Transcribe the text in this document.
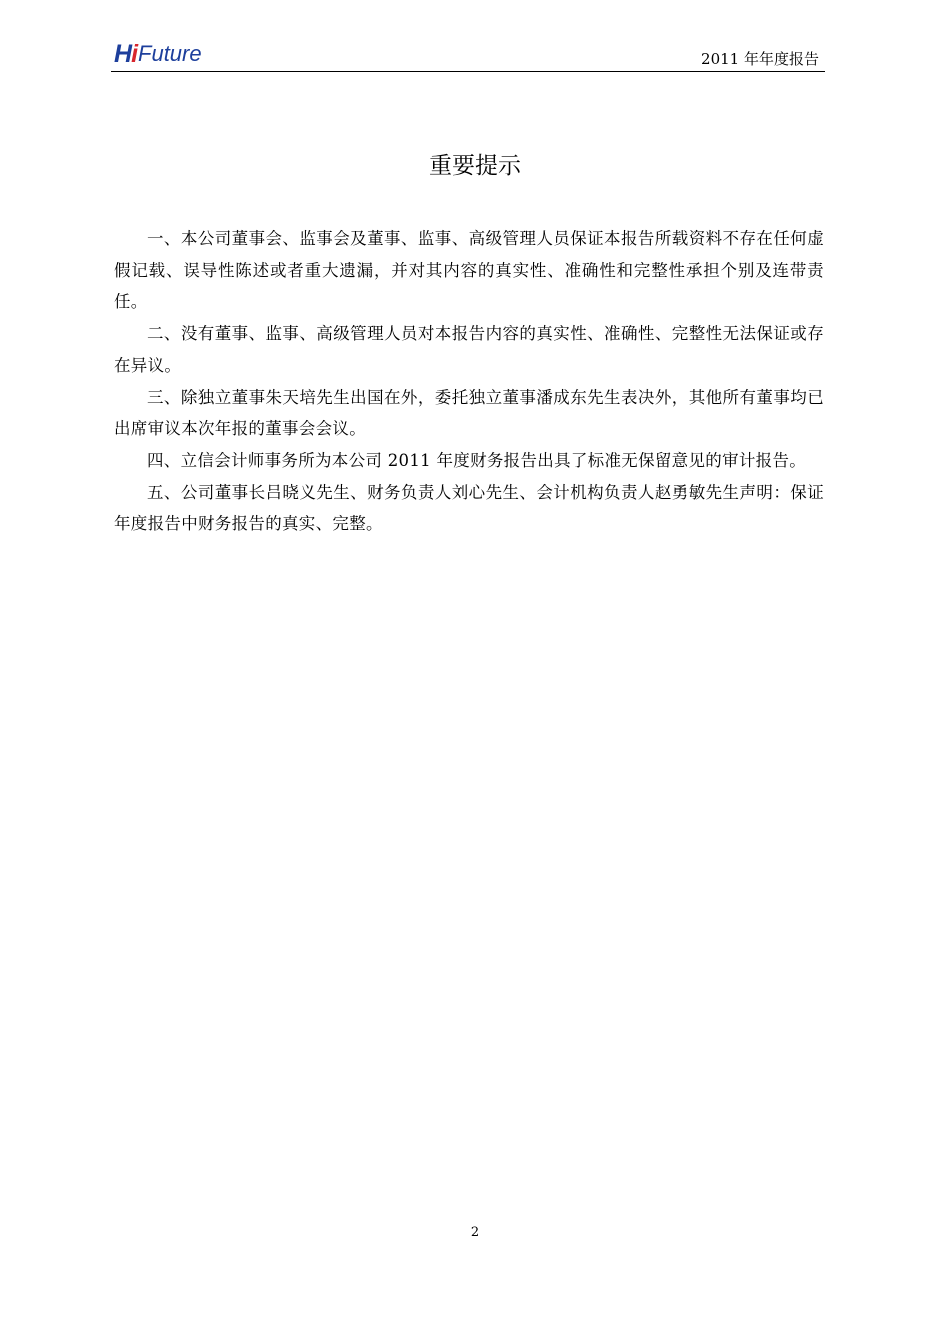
Hi Future	2011 年年度报告
重要提示

一、本公司董事会、监事会及董事、监事、高级管理人员保证本报告所载资料不存在任何虚假记载、误导性陈述或者重大遗漏，并对其内容的真实性、准确性和完整性承担个别及连带责任。

二、没有董事、监事、高级管理人员对本报告内容的真实性、准确性、完整性无法保证或存在异议。

三、除独立董事朱天培先生出国在外，委托独立董事潘成东先生表决外，其他所有董事均已出席审议本次年报的董事会会议。

四、立信会计师事务所为本公司 2011 年度财务报告出具了标准无保留意见的审计报告。

五、公司董事长吕晓义先生、财务负责人刘心先生、会计机构负责人赵勇敏先生声明：保证年度报告中财务报告的真实、完整。

2
